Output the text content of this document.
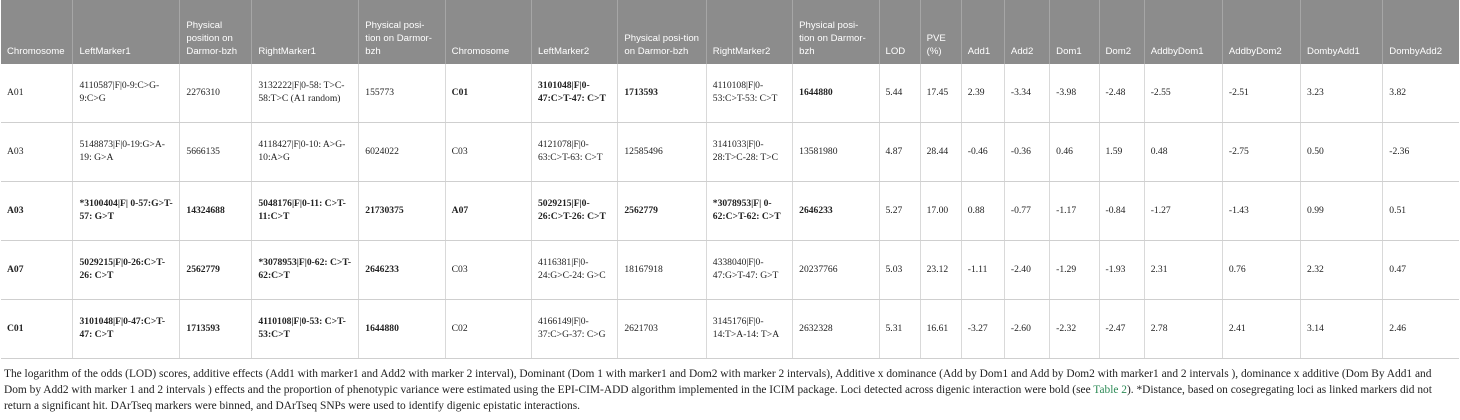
Chromosome	LeftMarker1	Physical position on Darmor-bzh	RightMarker1	Physical posi-tion on Darmor-bzh	Chromosome	LeftMarker2	Physical posi-tion on Darmor-bzh	RightMarker2	Physical posi-tion on Darmor-bzh	LOD	PVE (%)	Add1	Add2	Dom1	Dom2	AddbyDom1	AddbyDom2	DombyAdd1	DombyAdd2
A01	4110587|F|0-9:C>G-9:C>G	2276310	3132222|F|0-58: T>C-58:T>C (A1 random)	155773	C01	3101048|F|0-47:C>T-47: C>T	1713593	4110108|F|0-53:C>T-53: C>T	1644880	5.44	17.45	2.39	-3.34	-3.98	-2.48	-2.55	-2.51	3.23	3.82
A03	5148873|F|0-19:G>A-19: G>A	5666135	4118427|F|0-10: A>G-10:A>G	6024022	C03	4121078|F|0-63:C>T-63: C>T	12585496	3141033|F|0-28:T>C-28: T>C	13581980	4.87	28.44	-0.46	-0.36	0.46	1.59	0.48	-2.75	0.50	-2.36
A03	*3100404|F| 0-57:G>T-57: G>T	14324688	5048176|F|0-11: C>T-11:C>T	21730375	A07	5029215|F|0-26:C>T-26: C>T	2562779	*3078953|F| 0-62:C>T-62: C>T	2646233	5.27	17.00	0.88	-0.77	-1.17	-0.84	-1.27	-1.43	0.99	0.51
A07	5029215|F|0-26:C>T-26: C>T	2562779	*3078953|F|0-62: C>T-62:C>T	2646233	C03	4116381|F|0-24:G>C-24: G>C	18167918	4338040|F|0-47:G>T-47: G>T	20237766	5.03	23.12	-1.11	-2.40	-1.29	-1.93	2.31	0.76	2.32	0.47
C01	3101048|F|0-47:C>T-47: C>T	1713593	4110108|F|0-53: C>T-53:C>T	1644880	C02	4166149|F|0-37:C>G-37: C>G	2621703	3145176|F|0-14:T>A-14: T>A	2632328	5.31	16.61	-3.27	-2.60	-2.32	-2.47	2.78	2.41	3.14	2.46
The logarithm of the odds (LOD) scores, additive effects (Add1 with marker1 and Add2 with marker 2 interval), Dominant (Dom 1 with marker1 and Dom2 with marker 2 intervals), Additive x dominance (Add by Dom1 and Add by Dom2 with marker1 and 2 intervals ), dominance x additive (Dom By Add1 and Dom by Add2 with marker 1 and 2 intervals ) effects and the proportion of phenotypic variance were estimated using the EPI-CIM-ADD algorithm implemented in the ICIM package. Loci detected across digenic interaction were bold (see Table 2). *Distance, based on cosegregating loci as linked markers did not return a significant hit. DArTseq markers were binned, and DArTseq SNPs were used to identify digenic epistatic interactions.
